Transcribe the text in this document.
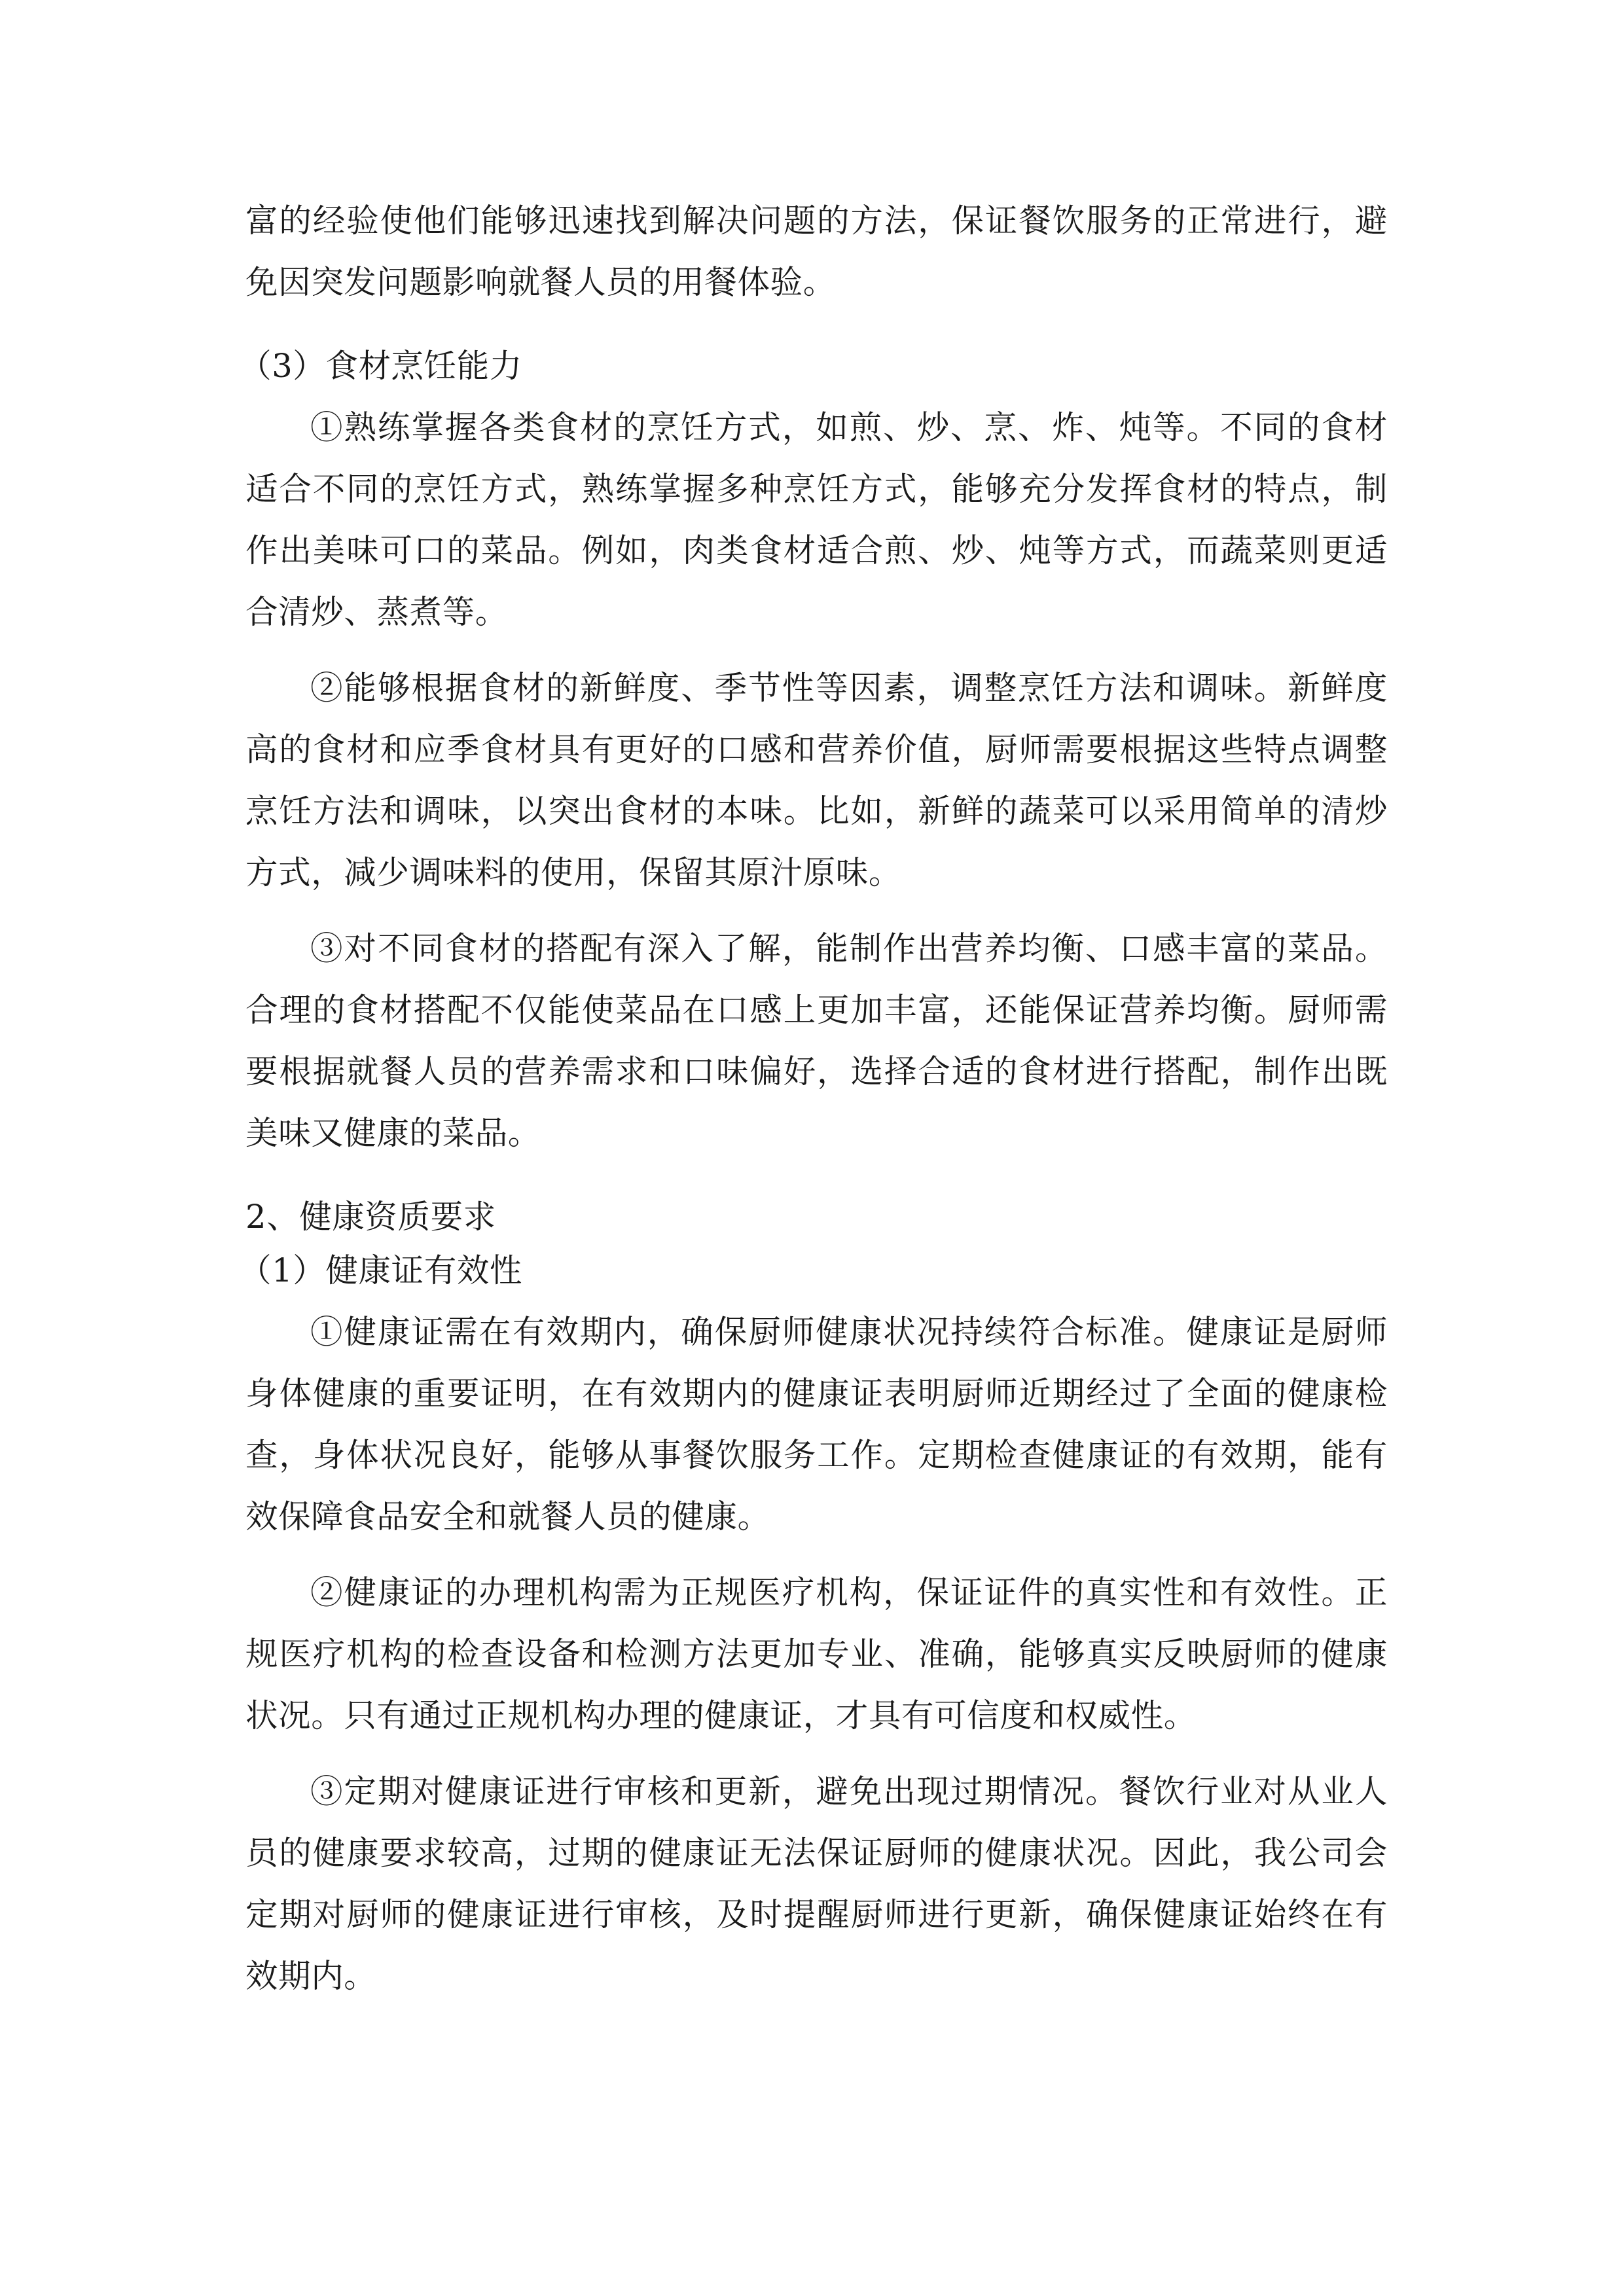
富的经验使他们能够迅速找到解决问题的方法，保证餐饮服务的正常进行，避免因突发问题影响就餐人员的用餐体验。

（3）食材烹饪能力

①熟练掌握各类食材的烹饪方式，如煎、炒、烹、炸、炖等。不同的食材适合不同的烹饪方式，熟练掌握多种烹饪方式，能够充分发挥食材的特点，制作出美味可口的菜品。例如，肉类食材适合煎、炒、炖等方式，而蔬菜则更适合清炒、蒸煮等。

②能够根据食材的新鲜度、季节性等因素，调整烹饪方法和调味。新鲜度高的食材和应季食材具有更好的口感和营养价值，厨师需要根据这些特点调整烹饪方法和调味，以突出食材的本味。比如，新鲜的蔬菜可以采用简单的清炒方式，减少调味料的使用，保留其原汁原味。

③对不同食材的搭配有深入了解，能制作出营养均衡、口感丰富的菜品。合理的食材搭配不仅能使菜品在口感上更加丰富，还能保证营养均衡。厨师需要根据就餐人员的营养需求和口味偏好，选择合适的食材进行搭配，制作出既美味又健康的菜品。

2、健康资质要求

（1）健康证有效性

①健康证需在有效期内，确保厨师健康状况持续符合标准。健康证是厨师身体健康的重要证明，在有效期内的健康证表明厨师近期经过了全面的健康检查，身体状况良好，能够从事餐饮服务工作。定期检查健康证的有效期，能有效保障食品安全和就餐人员的健康。

②健康证的办理机构需为正规医疗机构，保证证件的真实性和有效性。正规医疗机构的检查设备和检测方法更加专业、准确，能够真实反映厨师的健康状况。只有通过正规机构办理的健康证，才具有可信度和权威性。

③定期对健康证进行审核和更新，避免出现过期情况。餐饮行业对从业人员的健康要求较高，过期的健康证无法保证厨师的健康状况。因此，我公司会定期对厨师的健康证进行审核，及时提醒厨师进行更新，确保健康证始终在有效期内。
